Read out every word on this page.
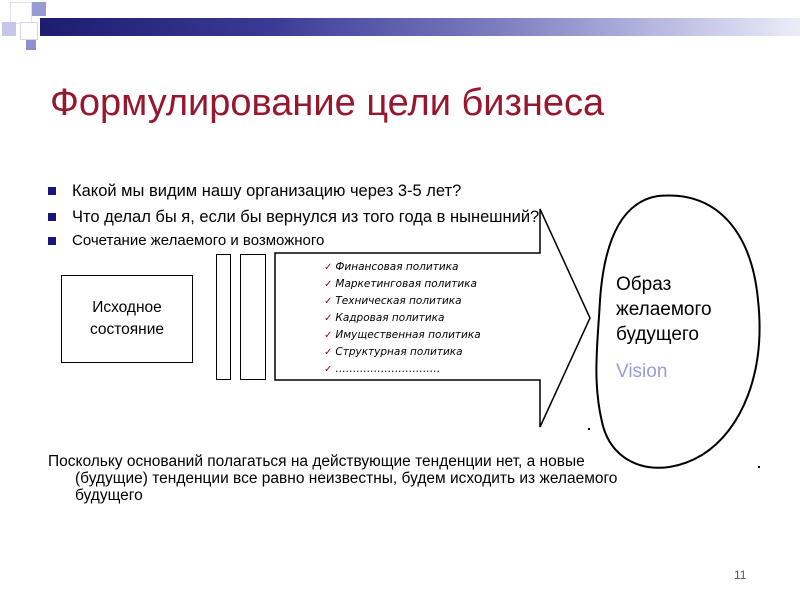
Формулирование цели бизнеса
Какой мы видим нашу организацию через 3-5 лет?
Что делал бы я, если бы вернулся из того года в нынешний?
Сочетание желаемого и возможного
Исходное
состояние
✓ Финансовая политика
✓ Маркетинговая политика
✓ Техническая политика
✓ Кадровая политика
✓ Имущественная политика
✓ Структурная политика
✓ …………………………
Образ
желаемого
будущего
Vision
Поскольку оснований полагаться на действующие тенденции нет, а новые
(будущие) тенденции все равно неизвестны, будем исходить из желаемого
будущего
11
